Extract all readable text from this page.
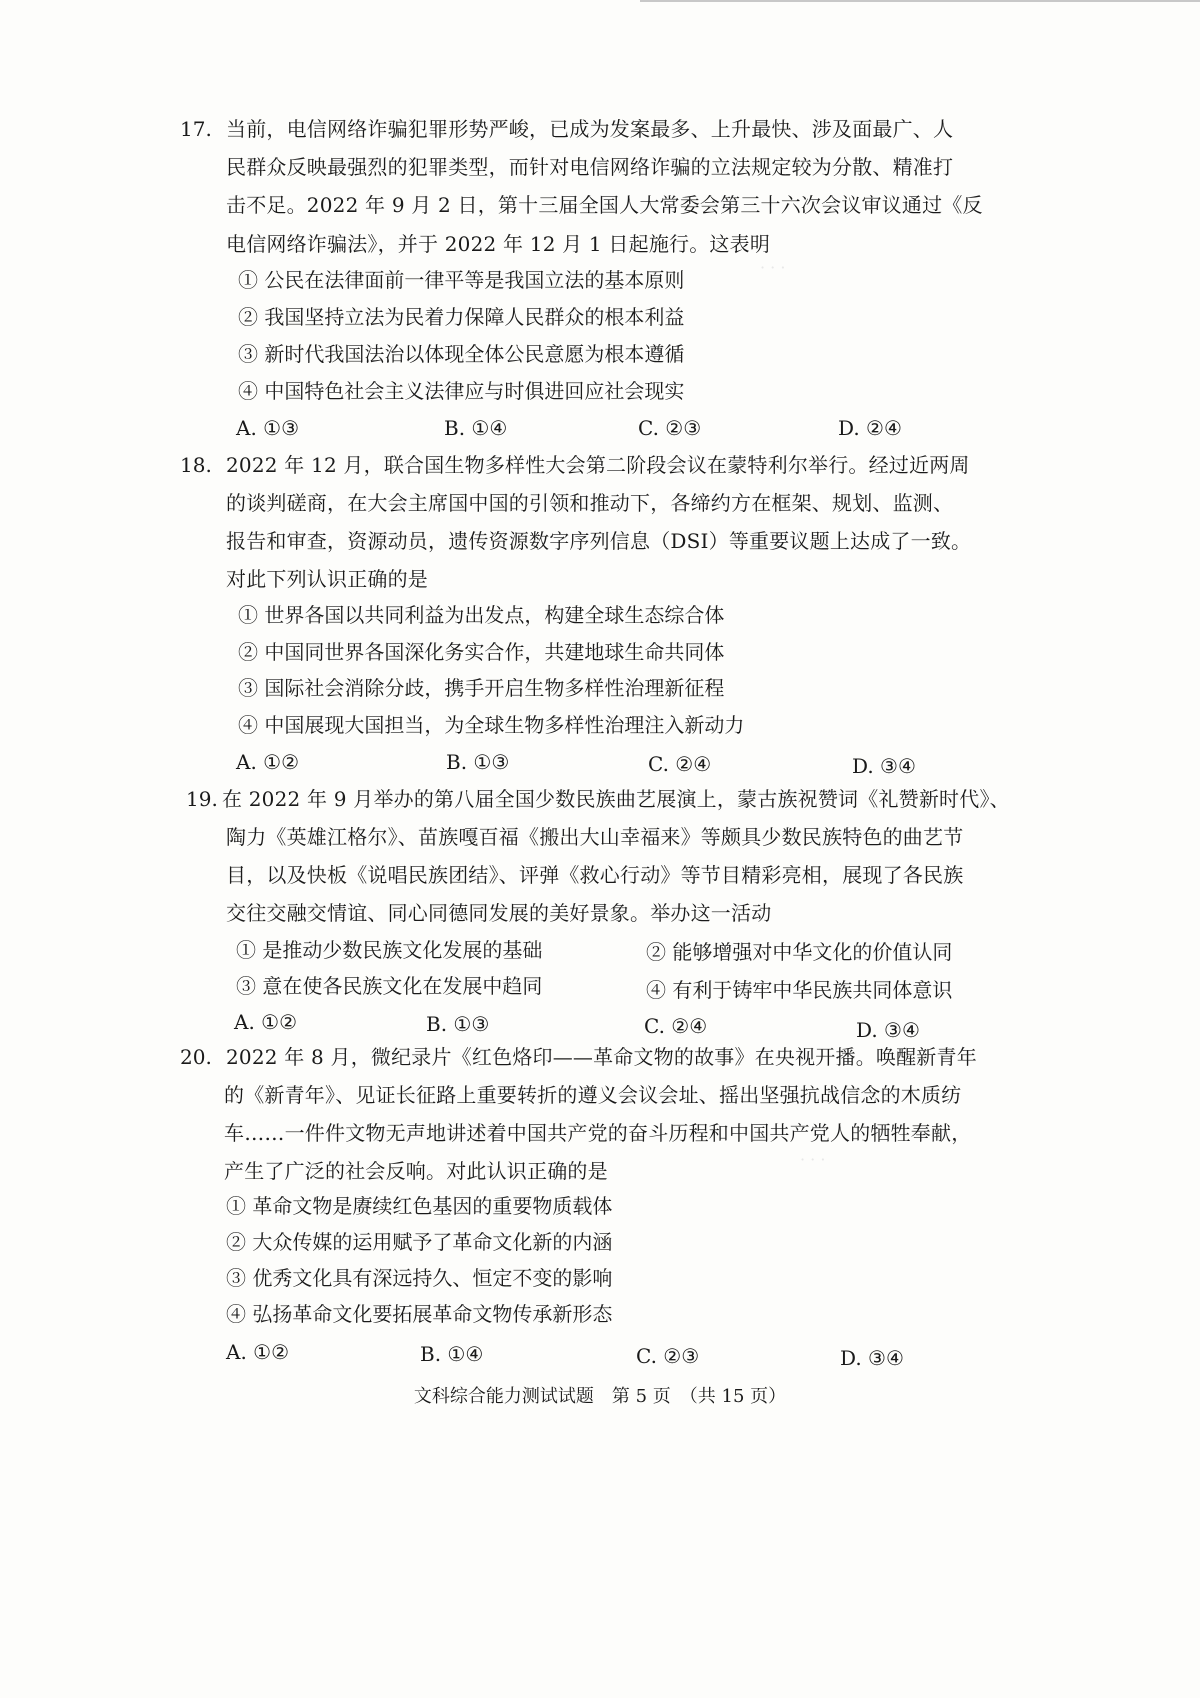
· · ·
· · ·
17. 当前，电信网络诈骗犯罪形势严峻，已成为发案最多、上升最快、涉及面最广、人
民群众反映最强烈的犯罪类型，而针对电信网络诈骗的立法规定较为分散、精准打
击不足。2022 年 9 月 2 日，第十三届全国人大常委会第三十六次会议审议通过《反
电信网络诈骗法》，并于 2022 年 12 月 1 日起施行。这表明
① 公民在法律面前一律平等是我国立法的基本原则
② 我国坚持立法为民着力保障人民群众的根本利益
③ 新时代我国法治以体现全体公民意愿为根本遵循
④ 中国特色社会主义法律应与时俱进回应社会现实
A. ①③	B. ①④	C. ②③	D. ②④
18. 2022 年 12 月，联合国生物多样性大会第二阶段会议在蒙特利尔举行。经过近两周
的谈判磋商，在大会主席国中国的引领和推动下，各缔约方在框架、规划、监测、
报告和审查，资源动员，遗传资源数字序列信息（DSI）等重要议题上达成了一致。
对此下列认识正确的是
① 世界各国以共同利益为出发点，构建全球生态综合体
② 中国同世界各国深化务实合作，共建地球生命共同体
③ 国际社会消除分歧，携手开启生物多样性治理新征程
④ 中国展现大国担当，为全球生物多样性治理注入新动力
A. ①②	B. ①③	C. ②④	D. ③④
19. 在 2022 年 9 月举办的第八届全国少数民族曲艺展演上，蒙古族祝赞词《礼赞新时代》、
陶力《英雄江格尔》、苗族嘎百福《搬出大山幸福来》等颇具少数民族特色的曲艺节
目，以及快板《说唱民族团结》、评弹《救心行动》等节目精彩亮相，展现了各民族
交往交融交情谊、同心同德同发展的美好景象。举办这一活动
① 是推动少数民族文化发展的基础	② 能够增强对中华文化的价值认同
③ 意在使各民族文化在发展中趋同	④ 有利于铸牢中华民族共同体意识
A. ①②	B. ①③	C. ②④	D. ③④
20. 2022 年 8 月，微纪录片《红色烙印——革命文物的故事》在央视开播。唤醒新青年
的《新青年》、见证长征路上重要转折的遵义会议会址、摇出坚强抗战信念的木质纺
车……一件件文物无声地讲述着中国共产党的奋斗历程和中国共产党人的牺牲奉献，
产生了广泛的社会反响。对此认识正确的是
① 革命文物是赓续红色基因的重要物质载体
② 大众传媒的运用赋予了革命文化新的内涵
③ 优秀文化具有深远持久、恒定不变的影响
④ 弘扬革命文化要拓展革命文物传承新形态
A. ①②	B. ①④	C. ②③	D. ③④
文科综合能力测试试题　第 5 页　（共 15 页）
